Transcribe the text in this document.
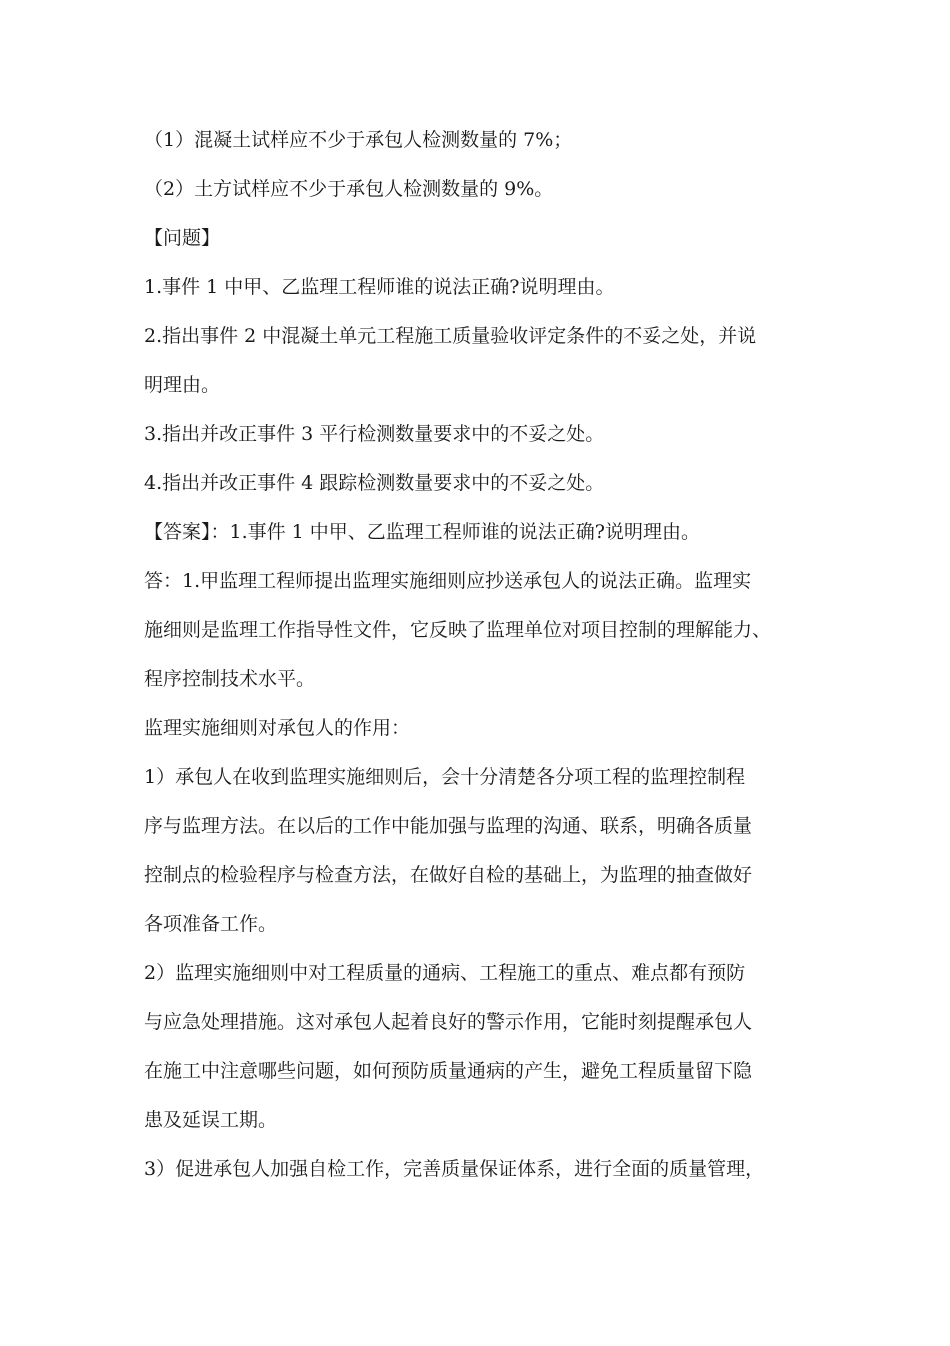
（1）混凝土试样应不少于承包人检测数量的 7%；
（2）土方试样应不少于承包人检测数量的 9%。
【问题】
1.事件 1 中甲、乙监理工程师谁的说法正确?说明理由。
2.指出事件 2 中混凝土单元工程施工质量验收评定条件的不妥之处，并说
明理由。
3.指出并改正事件 3 平行检测数量要求中的不妥之处。
4.指出并改正事件 4 跟踪检测数量要求中的不妥之处。
【答案】：1.事件 1 中甲、乙监理工程师谁的说法正确?说明理由。
答：1.甲监理工程师提出监理实施细则应抄送承包人的说法正确。监理实
施细则是监理工作指导性文件，它反映了监理单位对项目控制的理解能力、
程序控制技术水平。
监理实施细则对承包人的作用：
1）承包人在收到监理实施细则后，会十分清楚各分项工程的监理控制程
序与监理方法。在以后的工作中能加强与监理的沟通、联系，明确各质量
控制点的检验程序与检查方法，在做好自检的基础上，为监理的抽查做好
各项准备工作。
2）监理实施细则中对工程质量的通病、工程施工的重点、难点都有预防
与应急处理措施。这对承包人起着良好的警示作用，它能时刻提醒承包人
在施工中注意哪些问题，如何预防质量通病的产生，避免工程质量留下隐
患及延误工期。
3）促进承包人加强自检工作，完善质量保证体系，进行全面的质量管理，
